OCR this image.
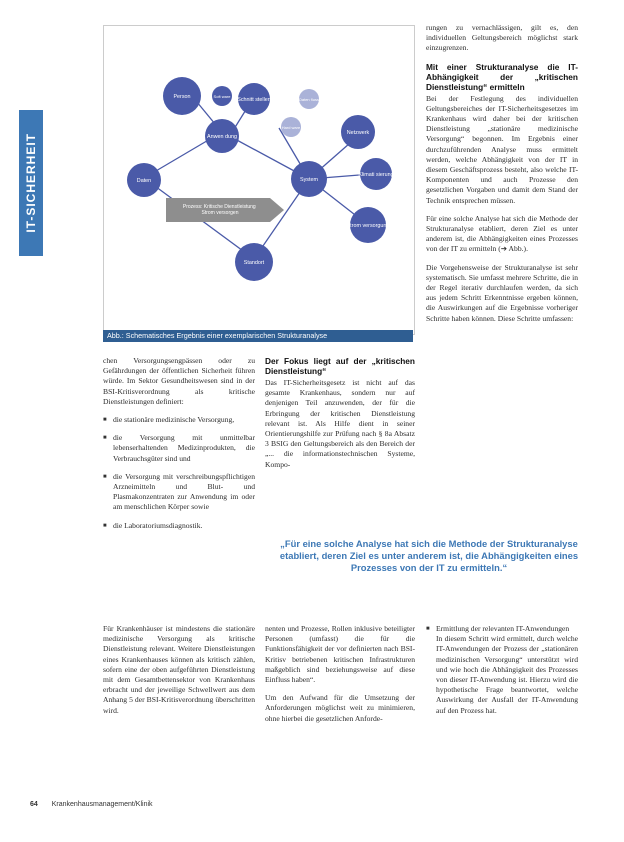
IT-SICHERHEIT	Prozess: Kritische Dienstleistung Strom versorgen
Person	Soft ware
Schnitt stellen	Daten fluss
Anwen dung
Hard ware
Netzwerk
Daten	System
Klimati sierung
Strom versorgung
Standort
Abb.: Schematisches Ergebnis einer exemplarischen Strukturanalyse

rungen zu vernachlässigen, gilt es, den individuellen Geltungsbereich möglichst stark einzugrenzen.

Mit einer Strukturanalyse die IT-Abhängigkeit der „kritischen Dienstleistung“ ermitteln

Bei der Festlegung des individuellen Geltungsbereiches der IT-Sicherheitsgesetzes im Krankenhaus wird daher bei der kritischen Dienstleistung „stationäre medizinische Versorgung“ begonnen. Im Ergebnis einer durchzuführenden Analyse muss ermittelt werden, welche Abhängigkeit von der IT in diesem Geschäftsprozess besteht, also welche IT-Komponenten und auch Prozesse den gesetzlichen Vorgaben und damit dem Stand der Technik entsprechen müssen.

Für eine solche Analyse hat sich die Methode der Strukturanalyse etabliert, deren Ziel es unter anderem ist, die Abhängigkeiten eines Prozesses von der IT zu ermitteln (➔ Abb.).

Die Vorgehensweise der Strukturanalyse ist sehr systematisch. Sie umfasst mehrere Schritte, die in der Regel iterativ durchlaufen werden, da sich aus jedem Schritt Erkenntnisse ergeben können, die Auswirkungen auf die Ergebnisse vorheriger Schritte haben können. Diese Schritte umfassen:

chen Versorgungsengpässen oder zu Gefährdungen der öffentlichen Sicherheit führen würde. Im Sektor Gesundheitswesen sind in der BSI-Kritisverordnung als kritische Dienstleistungen definiert:

■ die stationäre medizinische Versorgung,
■ die Versorgung mit unmittelbar lebenserhaltenden Medizinprodukten, die Verbrauchsgüter sind und
■ die Versorgung mit verschreibungspflichtigen Arzneimitteln und Blut- und Plasmakonzentraten zur Anwendung im oder am menschlichen Körper sowie
■ die Laboratoriumsdiagnostik.

Für Krankenhäuser ist mindestens die stationäre medizinische Versorgung als kritische Dienstleistung relevant. Weitere Dienstleistungen eines Krankenhauses können als kritisch zählen, sofern eine der oben aufgeführten Dienstleistung mit dem Gesamtbettensektor von Krankenhaus erbracht und der jeweilige Schwellwert aus dem Anhang 5 der BSI-Kritisverordnung überschritten wird.

Der Fokus liegt auf der „kritischen Dienstleistung“

Das IT-Sicherheitsgesetz ist nicht auf das gesamte Krankenhaus, sondern nur auf denjenigen Teil anzuwenden, der für die Erbringung der kritischen Dienstleistung relevant ist. Als Hilfe dient in seiner Orientierungshilfe zur Prüfung nach § 8a Absatz 3 BSIG den Geltungsbereich als den Bereich der „... die informationstechnischen Systeme, Kompo-

nenten und Prozesse, Rollen inklusive beteiligter Personen (umfasst) die für die Funktionsfähigkeit der vor definierten nach BSI-Kritisv betriebenen kritischen Infrastrukturen maßgeblich sind beziehungsweise auf diese Einfluss haben“.

Um den Aufwand für die Umsetzung der Anforderungen möglichst weit zu minimieren, ohne hierbei die gesetzlichen Anforde-

„Für eine solche Analyse hat sich die Methode der Strukturanalyse etabliert, deren Ziel es unter anderem ist, die Abhängigkeiten eines Prozesses von der IT zu ermitteln.“
■ Ermittlung der relevanten IT-Anwendungen
In diesem Schritt wird ermittelt, durch welche IT-Anwendungen der Prozess der „stationären medizinischen Versorgung“ unterstützt wird und wie hoch die Abhängigkeit des Prozesses von dieser IT-Anwendung ist. Hierzu wird die hypothetische Frage beantwortet, welche Auswirkung der Ausfall der IT-Anwendung auf den Prozess hat.
64 Krankenhausmanagement/Klinik
